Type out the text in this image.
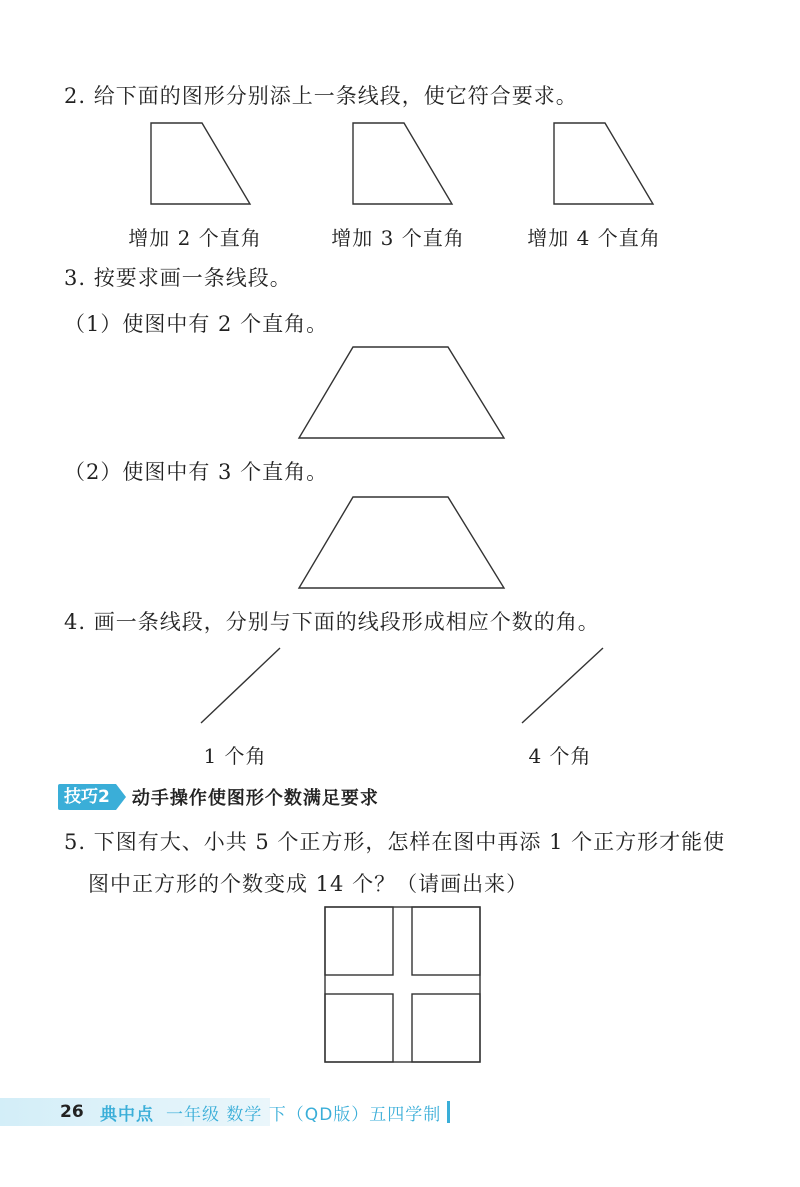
2. 给下面的图形分别添上一条线段，使它符合要求。
增加 2 个直角	增加 3 个直角	增加 4 个直角
3. 按要求画一条线段。
（1）使图中有 2 个直角。
（2）使图中有 3 个直角。
4. 画一条线段，分别与下面的线段形成相应个数的角。
1 个角	4 个角
技巧2	动手操作使图形个数满足要求
5. 下图有大、小共 5 个正方形，怎样在图中再添 1 个正方形才能使
图中正方形的个数变成 14 个？（请画出来）
26 典中点 一年级 数学 下（QD版）五四学制
